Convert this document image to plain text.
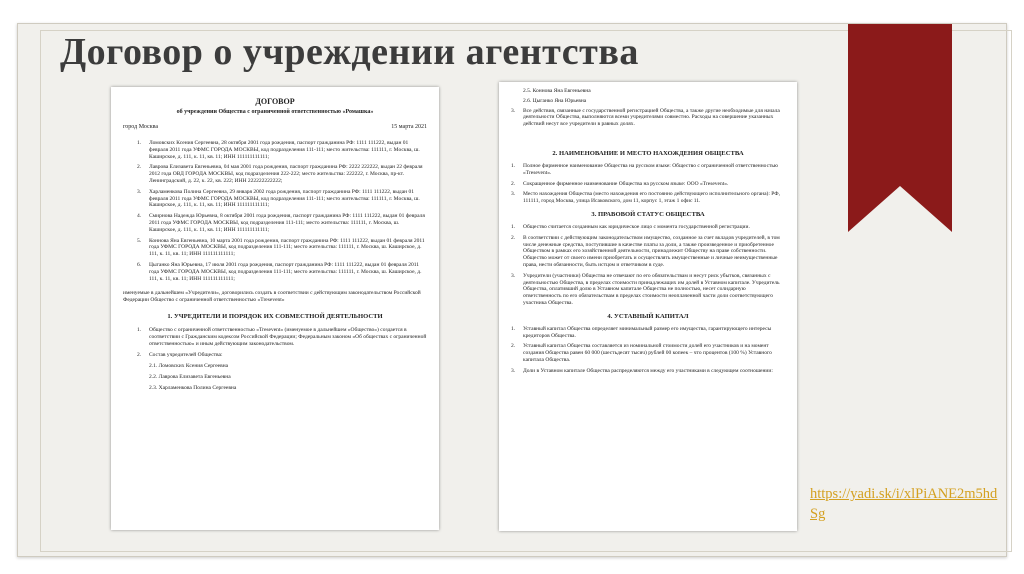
Договор о учреждении агентства
ДОГОВОР
об учреждении Общества с ограниченной ответственностью «Ромашка»
город Москва	15 марта 2021
1.	Ломовских Ксения Сергеевна, 28 октября 2001 года рождения, паспорт гражданина РФ: 1111 111222, выдан 01 февраля 2011 года УФМС ГОРОДА МОСКВЫ, код подразделения 111-111; место жительства: 111111, г. Москва, ш. Каширское, д. 111, к. 11, кв. 11; ИНН 111111111111;
2.	Лаврова Елизавета Евгеньевна, 04 мая 2001 года рождения, паспорт гражданина РФ: 2222 222222, выдан 22 февраля 2012 года ОВД ГОРОДА МОСКВЫ, код подразделения 222-222; место жительства: 222222, г. Москва, пр-кт. Ленинградский, д. 22, к. 22, кв. 222; ИНН 222222222222;
3.	Харламенкова Полина Сергеевна, 29 января 2002 года рождения, паспорт гражданина РФ: 1111 111222, выдан 01 февраля 2011 года УФМС ГОРОДА МОСКВЫ, код подразделения 111-111; место жительства: 111111, г. Москва, ш. Каширское, д. 111, к. 11, кв. 11; ИНН 111111111111;
4.	Смирнова Надежда Юрьевна, 8 октября 2001 года рождения, паспорт гражданина РФ: 1111 111222, выдан 01 февраля 2011 года УФМС ГОРОДА МОСКВЫ, код подразделения 111-111; место жительства: 111111, г. Москва, ш. Каширское, д. 111, к. 11, кв. 11; ИНН 111111111111;
5.	Коннова Яна Евгеньевна, 10 марта 2001 года рождения, паспорт гражданина РФ: 1111 111222, выдан 01 февраля 2011 года УФМС ГОРОДА МОСКВЫ, код подразделения 111-111; место жительства: 111111, г. Москва, ш. Каширское, д. 111, к. 11, кв. 11; ИНН 111111111111;
6.	Цыганко Яна Юрьевна, 17 июля 2001 года рождения, паспорт гражданина РФ: 1111 111222, выдан 01 февраля 2011 года УФМС ГОРОДА МОСКВЫ, код подразделения 111-111; место жительства: 111111, г. Москва, ш. Каширское, д. 111, к. 11, кв. 11; ИНН 111111111111;
именуемые в дальнейшем «Учредители», договорились создать в соответствии с действующим законодательством Российской Федерации Общество с ограниченной ответственностью «Tresevent»
1. УЧРЕДИТЕЛИ И ПОРЯДОК ИХ СОВМЕСТНОЙ ДЕЯТЕЛЬНОСТИ
1.	Общество с ограниченной ответственностью «Tresevent» (именуемое в дальнейшем «Общество») создается в соответствии с Гражданским кодексом Российской Федерации; Федеральным законом «Об обществах с ограниченной ответственностью» и иным действующим законодательством.
2.	Состав учредителей Общества:
2.1. Ломовских Ксения Сергеевна
2.2. Лаврова Елизавета Евгеньевна
2.3. Харламенкова Полина Сергеевна
2.5. Коннова Яна Евгеньевна
2.6. Цыганко Яна Юрьевна
3.	Все действия, связанные с государственной регистрацией Общества, а также другие необходимые для начала деятельности Общества, выполняются всеми учредителями совместно. Расходы на совершение указанных действий несут все учредители в равных долях.
2. НАИМЕНОВАНИЕ И МЕСТО НАХОЖДЕНИЯ ОБЩЕСТВА
1.	Полное фирменное наименование Общества на русском языке: Общество с ограниченной ответственностью «Tresevent».
2.	Сокращенное фирменное наименование Общества на русском языке: ООО «Tresevent».
3.	Место нахождения Общества (место нахождения его постоянно действующего исполнительного органа): РФ, 111111, город Москва, улица Исаковского, дом 11, корпус 1, этаж 1 офис 11.
3. ПРАВОВОЙ СТАТУС ОБЩЕСТВА
1.	Общество считается созданным как юридическое лицо с момента государственной регистрации.
2.	В соответствии с действующим законодательством имущество, созданное за счет вкладов учредителей, в том числе денежные средства, поступившие в качестве платы за доли, а также произведенное и приобретенное Обществом в рамках его хозяйственной деятельности, принадлежит Обществу на праве собственности. Общество может от своего имени приобретать и осуществлять имущественные и личные неимущественные права, нести обязанности, быть истцом и ответчиком в суде.
3.	Учредители (участники) Общества не отвечают по его обязательствам и несут риск убытков, связанных с деятельностью Общества, в пределах стоимости принадлежащих им долей в Уставном капитале. Учредитель Общества, оплативший долю в Уставном капитале Общества не полностью, несет солидарную ответственность по его обязательствам в пределах стоимости неоплаченной части доли соответствующего участника Общества.
4. УСТАВНЫЙ КАПИТАЛ
1.	Уставный капитал Общества определяет минимальный размер его имущества, гарантирующего интересы кредиторов Общества.
2.	Уставный капитал Общества составляется из номинальной стоимости долей его участников и на момент создания Общества равен 60 000 (шестьдесят тысяч) рублей 00 копеек – что процентов (100 %) Уставного капитала Общества.
3.	Доли в Уставном капитале Общества распределяются между его участниками в следующем соотношении:
https://yadi.sk/i/xlPiANE2m5hdSg
